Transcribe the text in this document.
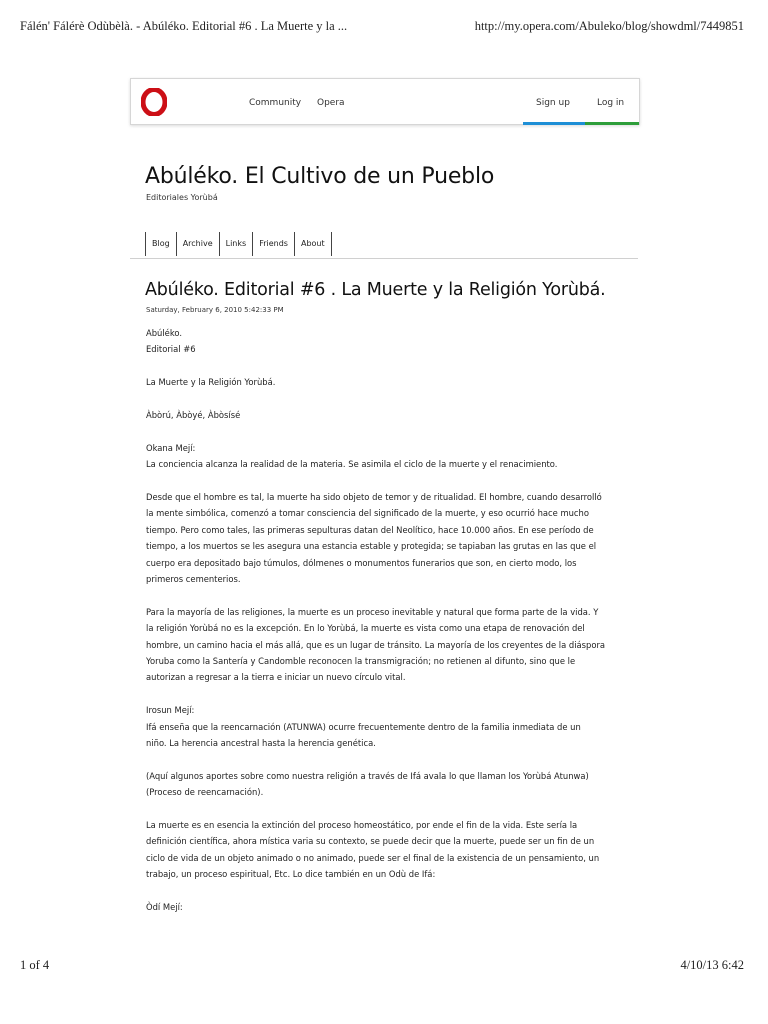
Fálén' Fálérè Odùbèlà. - Abúléko. Editorial #6 . La Muerte y la ...	http://my.opera.com/Abuleko/blog/showdml/7449851
Community Opera	Sign up	Log in
Abúléko. El Cultivo de un Pueblo
Editoriales Yorùbá
Blog	Archive	Links	Friends	About
Abúléko. Editorial #6 . La Muerte y la Religión Yorùbá.
Saturday, February 6, 2010 5:42:33 PM
Abúléko.
Editorial #6
La Muerte y la Religión Yorùbá.
Àbòrú, Àbòyé, Àbòsísé
Okana Mejí:
La conciencia alcanza la realidad de la materia. Se asimila el ciclo de la muerte y el renacimiento.
Desde que el hombre es tal, la muerte ha sido objeto de temor y de ritualidad. El hombre, cuando desarrolló
la mente simbólica, comenzó a tomar consciencia del significado de la muerte, y eso ocurrió hace mucho
tiempo. Pero como tales, las primeras sepulturas datan del Neolítico, hace 10.000 años. En ese período de
tiempo, a los muertos se les asegura una estancia estable y protegida; se tapiaban las grutas en las que el
cuerpo era depositado bajo túmulos, dólmenes o monumentos funerarios que son, en cierto modo, los
primeros cementerios.
Para la mayoría de las religiones, la muerte es un proceso inevitable y natural que forma parte de la vida. Y
la religión Yorùbá no es la excepción. En lo Yorùbá, la muerte es vista como una etapa de renovación del
hombre, un camino hacia el más allá, que es un lugar de tránsito. La mayoría de los creyentes de la diáspora
Yoruba como la Santería y Candomble reconocen la transmigración; no retienen al difunto, sino que le
autorizan a regresar a la tierra e iniciar un nuevo círculo vital.
Irosun Mejí:
Ifá enseña que la reencarnación (ATUNWA) ocurre frecuentemente dentro de la familia inmediata de un
niño. La herencia ancestral hasta la herencia genética.
(Aquí algunos aportes sobre como nuestra religión a través de Ifá avala lo que llaman los Yorùbá Atunwa)
(Proceso de reencarnación).
La muerte es en esencia la extinción del proceso homeostático, por ende el fin de la vida. Este sería la
definición científica, ahora mística varia su contexto, se puede decir que la muerte, puede ser un fin de un
ciclo de vida de un objeto animado o no animado, puede ser el final de la existencia de un pensamiento, un
trabajo, un proceso espiritual, Etc. Lo dice también en un Odù de Ifá:
Òdí Mejí:
1 of 4	4/10/13 6:42
